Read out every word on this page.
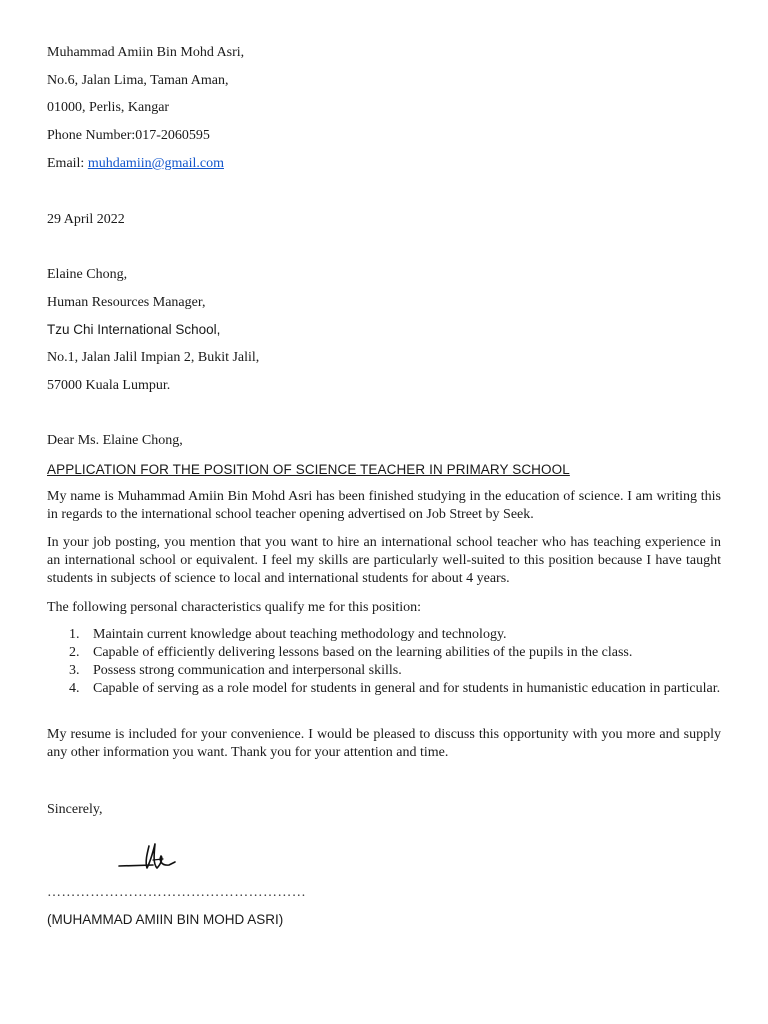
Muhammad Amiin Bin Mohd Asri,
No.6, Jalan Lima, Taman Aman,
01000, Perlis, Kangar
Phone Number:017-2060595
Email: muhdamiin@gmail.com
29 April 2022
Elaine Chong,
Human Resources Manager,
Tzu Chi International School,
No.1, Jalan Jalil Impian 2, Bukit Jalil,
57000 Kuala Lumpur.
Dear Ms. Elaine Chong,
APPLICATION FOR THE POSITION OF SCIENCE TEACHER IN PRIMARY SCHOOL
My name is Muhammad Amiin Bin Mohd Asri has been finished studying in the education of science. I am writing this in regards to the international school teacher opening advertised on Job Street by Seek.
In your job posting, you mention that you want to hire an international school teacher who has teaching experience in an international school or equivalent. I feel my skills are particularly well-suited to this position because I have taught students in subjects of science to local and international students for about 4 years.
The following personal characteristics qualify me for this position:
1. Maintain current knowledge about teaching methodology and technology.
2. Capable of efficiently delivering lessons based on the learning abilities of the pupils in the class.
3. Possess strong communication and interpersonal skills.
4. Capable of serving as a role model for students in general and for students in humanistic education in particular.
My resume is included for your convenience. I would be pleased to discuss this opportunity with you more and supply any other information you want. Thank you for your attention and time.
Sincerely,
………………………………………………
(MUHAMMAD AMIIN BIN MOHD ASRI)
